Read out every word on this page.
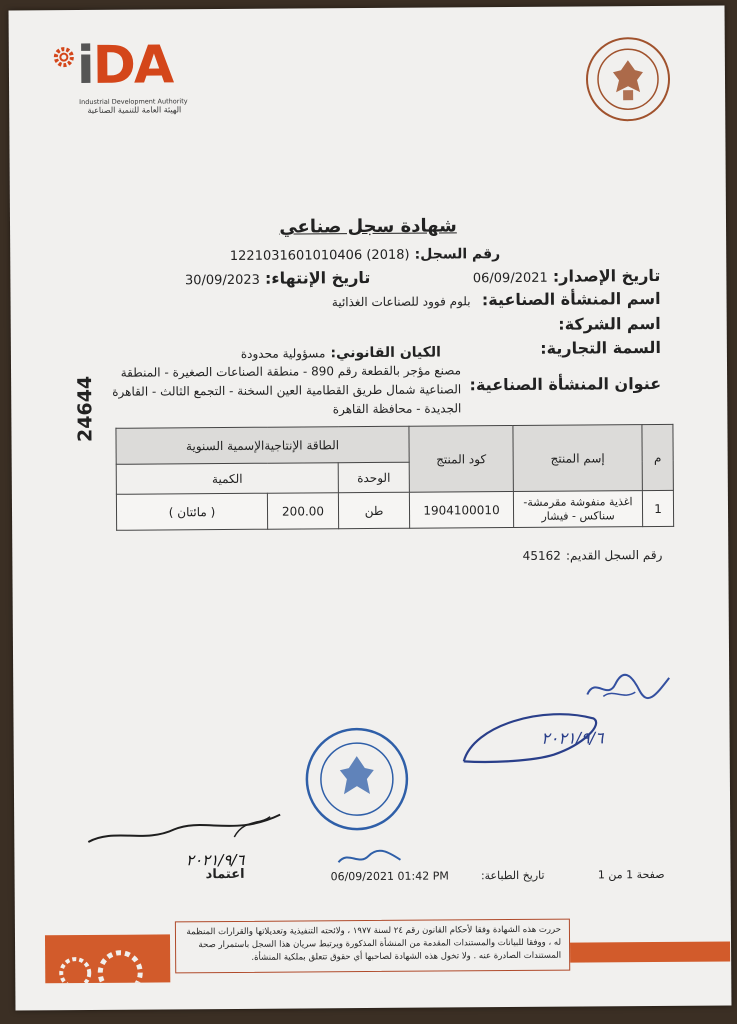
iDA
Industrial Development Authority
الهيئة العامة للتنمية الصناعية
شهادة سجل صناعي
رقم السجل: 1221031601010406 (2018)
تاريخ الإصدار: 06/09/2021
تاريخ الإنتهاء: 30/09/2023
اسم المنشأة الصناعية:
بلوم فوود للصناعات الغذائية
اسم الشركة:
السمة التجارية:
الكيان القانوني: مسؤولية محدودة
عنوان المنشأة الصناعية:
مصنع مؤجر بالقطعة رقم 890 - منطقة الصناعات الصغيرة - المنطقة
الصناعية شمال طريق القطامية العين السخنة - التجمع الثالث - القاهرة
الجديدة - محافظة القاهرة
24644
م	إسم المنتج	كود المنتج	الطاقة الإنتاجيةالإسمية السنوية		
			الوحدة	الكمية	
1	اغذية منفوشة مقرمشة- سناكس - فيشار	1904100010	طن	200.00	( مائتان )
رقم السجل القديم: 45162
٢٠٢١/٩/٦
٢٠٢١/٩/٦
اعتماد	صفحة 1 من 1
تاريخ الطباعة:
06/09/2021 01:42 PM
حررت هذه الشهادة وفقا لأحكام القانون رقم ٢٤ لسنة ١٩٧٧ ، ولائحته التنفيذية وتعديلاتها والقرارات المنظمة له ، ووفقا للبيانات والمستندات المقدمة من المنشأة المذكورة ويرتبط سريان هذا السجل باستمرار صحة المستندات الصادرة عنه . ولا تخول هذه الشهادة لصاحبها أي حقوق تتعلق بملكية المنشأة.
